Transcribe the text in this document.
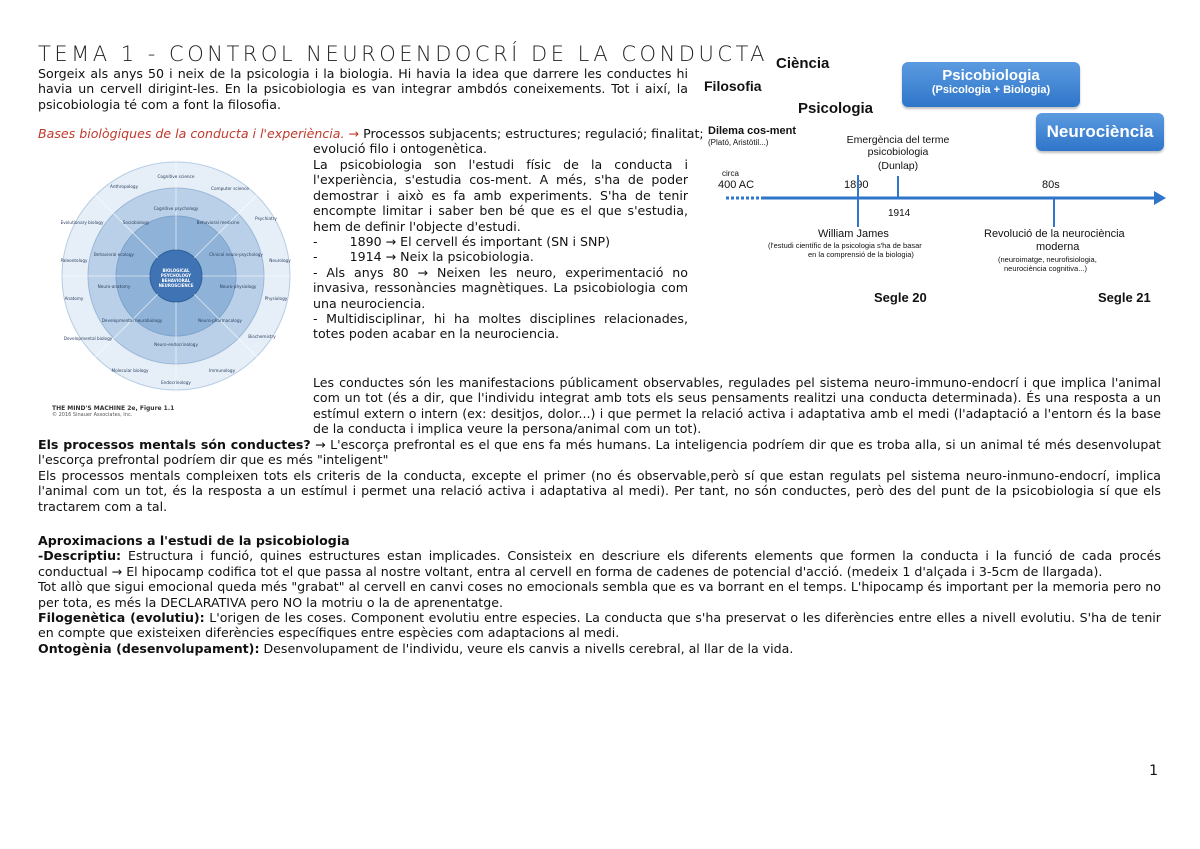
TEMA 1 - CONTROL NEUROENDOCRÍ DE LA CONDUCTA
Sorgeix als anys 50 i neix de la psicologia i la biologia. Hi havia la idea que darrere les conductes hi havia un cervell dirigint-les. En la psicobiologia es van integrar ambdós coneixements. Tot i així, la psicobiologia té com a font la filosofia.
Bases biològiques de la conducta i l'experiència. → Processos subjacents; estructures; regulació; finalitat;
evolució filo i ontogenètica.
La psicobiologia son l'estudi físic de la conducta i l'experiència, s'estudia cos-ment. A més, s'ha de poder demostrar i això es fa amb experiments. S'ha de tenir encompte limitar i saber ben bé que es el que s'estudia, hem de definir l'objecte d'estudi.
-        1890 → El cervell és important (SN i SNP)
-        1914 → Neix la psicobiologia.
- Als anys 80 → Neixen les neuro, experimentació no invasiva, ressonàncies magnètiques. La psicobiologia com una neurociencia.
- Multidisciplinar, hi ha moltes disciplines relacionades, totes poden acabar en la neurociencia.
Cognitive science
Computer science
Psychiatry
Neurology
Physiology
Biochemistry
Immunology
Endocrinology
Molecular biology
Developmental biology
Anatomy
Paleontology
Evolutionary biology
Anthropology
Cognitive psychology
Behavioral medicine
Clinical neuro-psychology
Neuro-physiology
Neuro-pharmacology
Neuro-endocrinology
Developmental neurobiology
Neuro-anatomy
Behavioral ecology
Sociobiology
BIOLOGICAL
PSYCHOLOGY
BEHAVIORAL
NEUROSCIENCE
THE MIND'S MACHINE 2e, Figure 1.1
© 2016 Sinauer Associates, Inc.
Ciència
Filosofia
Psicologia
Psicobiologia
(Psicologia + Biologia)
Neurociència
Dilema cos-ment
(Plató, Aristòtil...)	Emergència del terme psicobiologia
(Dunlap)
circa
400 AC	1890	80s
1914
William James
(l'estudi científic de la psicologia s'ha de basar
en la comprensió de la biologia)
Revolució de la neurociència
moderna
(neuroimatge, neurofisiologia,
neurociència cognitiva...)
Segle 20	Segle 21
Les conductes són les manifestacions públicament observables, regulades pel sistema neuro-immuno-endocrí i que implica l'animal com un tot (és a dir, que l'individu integrat amb tots els seus pensaments realitzi una conducta determinada). És una resposta a un estímul extern o intern (ex: desitjos, dolor...) i que permet la relació activa i adaptativa amb el medi (l'adaptació a l'entorn és la base de la conducta i implica veure la persona/animal com un tot).
Els processos mentals són conductes? → L'escorça prefrontal es el que ens fa més humans. La inteligencia podríem dir que es troba alla, si un animal té més desenvolupat l'escorça prefrontal podríem dir que es més "inteligent"
Els processos mentals compleixen tots els criteris de la conducta, excepte el primer (no és observable,però sí que estan regulats pel sistema neuro-inmuno-endocrí, implica l'animal com un tot, és la resposta a un estímul i permet una relació activa i adaptativa al medi). Per tant, no són conductes, però des del punt de la psicobiologia sí que els tractarem com a tal.
Aproximacions a l'estudi de la psicobiologia
-Descriptiu: Estructura i funció, quines estructures estan implicades. Consisteix en descriure els diferents elements que formen la conducta i la funció de cada procés conductual → El hipocamp codifica tot el que passa al nostre voltant, entra al cervell en forma de cadenes de potencial d'acció. (medeix 1 d'alçada i 3-5cm de llargada).
Tot allò que sigui emocional queda més "grabat" al cervell en canvi coses no emocionals sembla que es va borrant en el temps. L'hipocamp és important per la memoria pero no per tota, es més la DECLARATIVA pero NO la motriu o la de aprenentatge.
Filogenètica (evolutiu): L'origen de les coses. Component evolutiu entre especies. La conducta que s'ha preservat o les diferències entre elles a nivell evolutiu. S'ha de tenir en compte que existeixen diferències específiques entre espècies com adaptacions al medi.
Ontogènia (desenvolupament): Desenvolupament de l'individu, veure els canvis a nivells cerebral, al llar de la vida.
1
